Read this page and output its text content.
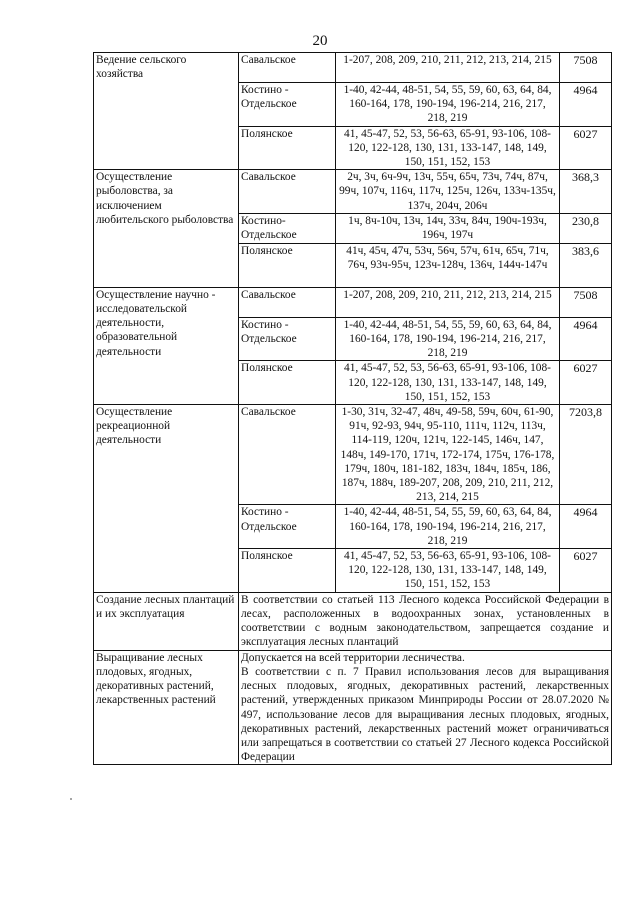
20
Ведение сельского хозяйства	Савальское	1-207, 208, 209, 210, 211, 212, 213, 214, 215	7508
	Костино - Отдельское	1-40, 42-44, 48-51, 54, 55, 59, 60, 63, 64, 84, 160-164, 178, 190-194, 196-214, 216, 217, 218, 219	4964
	Полянское	41, 45-47, 52, 53, 56-63, 65-91, 93-106, 108-120, 122-128, 130, 131, 133-147, 148, 149, 150, 151, 152, 153	6027
Осуществление рыболовства, за исключением любительского рыболовства	Савальское	2ч, 3ч, 6ч-9ч, 13ч, 55ч, 65ч, 73ч, 74ч, 87ч, 99ч, 107ч, 116ч, 117ч, 125ч, 126ч, 133ч-135ч, 137ч, 204ч, 206ч	368,3
	Костино-Отдельское	1ч, 8ч-10ч, 13ч, 14ч, 33ч, 84ч, 190ч-193ч, 196ч, 197ч	230,8
	Полянское	41ч, 45ч, 47ч, 53ч, 56ч, 57ч, 61ч, 65ч, 71ч, 76ч, 93ч-95ч, 123ч-128ч, 136ч, 144ч-147ч	383,6
Осуществление научно - исследовательской деятельности, образовательной деятельности	Савальское	1-207, 208, 209, 210, 211, 212, 213, 214, 215	7508
	Костино - Отдельское	1-40, 42-44, 48-51, 54, 55, 59, 60, 63, 64, 84, 160-164, 178, 190-194, 196-214, 216, 217, 218, 219	4964
	Полянское	41, 45-47, 52, 53, 56-63, 65-91, 93-106, 108-120, 122-128, 130, 131, 133-147, 148, 149, 150, 151, 152, 153	6027
Осуществление рекреационной деятельности	Савальское	1-30, 31ч, 32-47, 48ч, 49-58, 59ч, 60ч, 61-90, 91ч, 92-93, 94ч, 95-110, 111ч, 112ч, 113ч, 114-119, 120ч, 121ч, 122-145, 146ч, 147, 148ч, 149-170, 171ч, 172-174, 175ч, 176-178, 179ч, 180ч, 181-182, 183ч, 184ч, 185ч, 186, 187ч, 188ч, 189-207, 208, 209, 210, 211, 212, 213, 214, 215	7203,8
	Костино - Отдельское	1-40, 42-44, 48-51, 54, 55, 59, 60, 63, 64, 84, 160-164, 178, 190-194, 196-214, 216, 217, 218, 219	4964
	Полянское	41, 45-47, 52, 53, 56-63, 65-91, 93-106, 108-120, 122-128, 130, 131, 133-147, 148, 149, 150, 151, 152, 153	6027
Создание лесных плантаций и их эксплуатация	В соответствии со статьей 113 Лесного кодекса Российской Федерации в лесах, расположенных в водоохранных зонах, установленных в соответствии с водным законодательством, запрещается создание и эксплуатация лесных плантаций		

Выращивание лесных плодовых, ягодных, декоративных растений, лекарственных растений	Допускается на всей территории лесничества.

В соответствии с п. 7 Правил использования лесов для выращивания лесных плодовых, ягодных, декоративных растений, лекарственных растений, утвержденных приказом Минприроды России от 28.07.2020 № 497, использование лесов для выращивания лесных плодовых, ягодных, декоративных растений, лекарственных растений может ограничиваться или запрещаться в соответствии со статьей 27 Лесного кодекса Российской Федерации		
